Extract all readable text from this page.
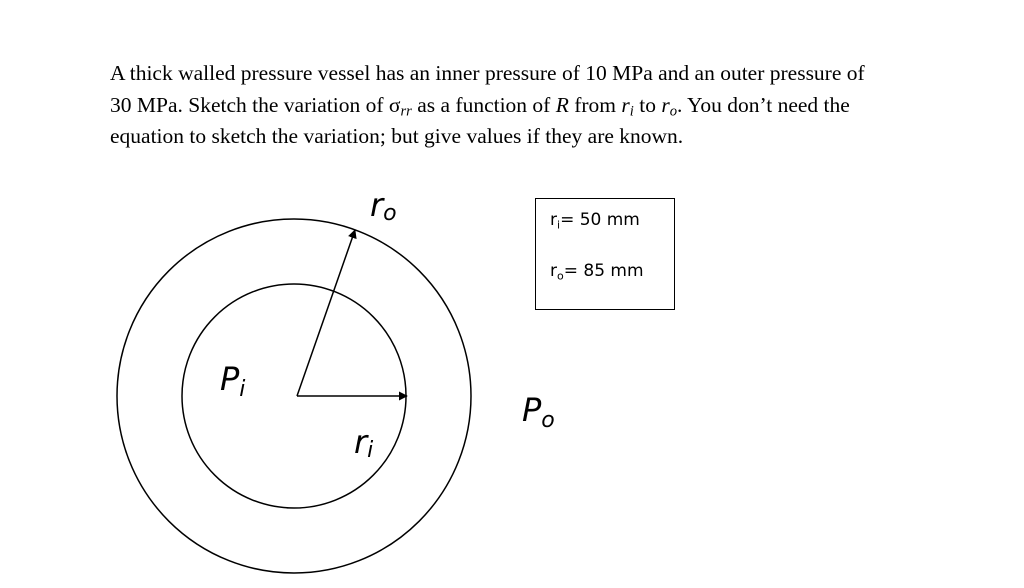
A thick walled pressure vessel has an inner pressure of 10 MPa and an outer pressure of
30 MPa. Sketch the variation of $\sigma_{rr}$ as a function of R from $r_i$ to $r_o$. You don’t need the
equation to sketch the variation; but give values if they are known.
ro
ri
Pi
Po
$r_i= 50$ mm
$r_o= 85$ mm
